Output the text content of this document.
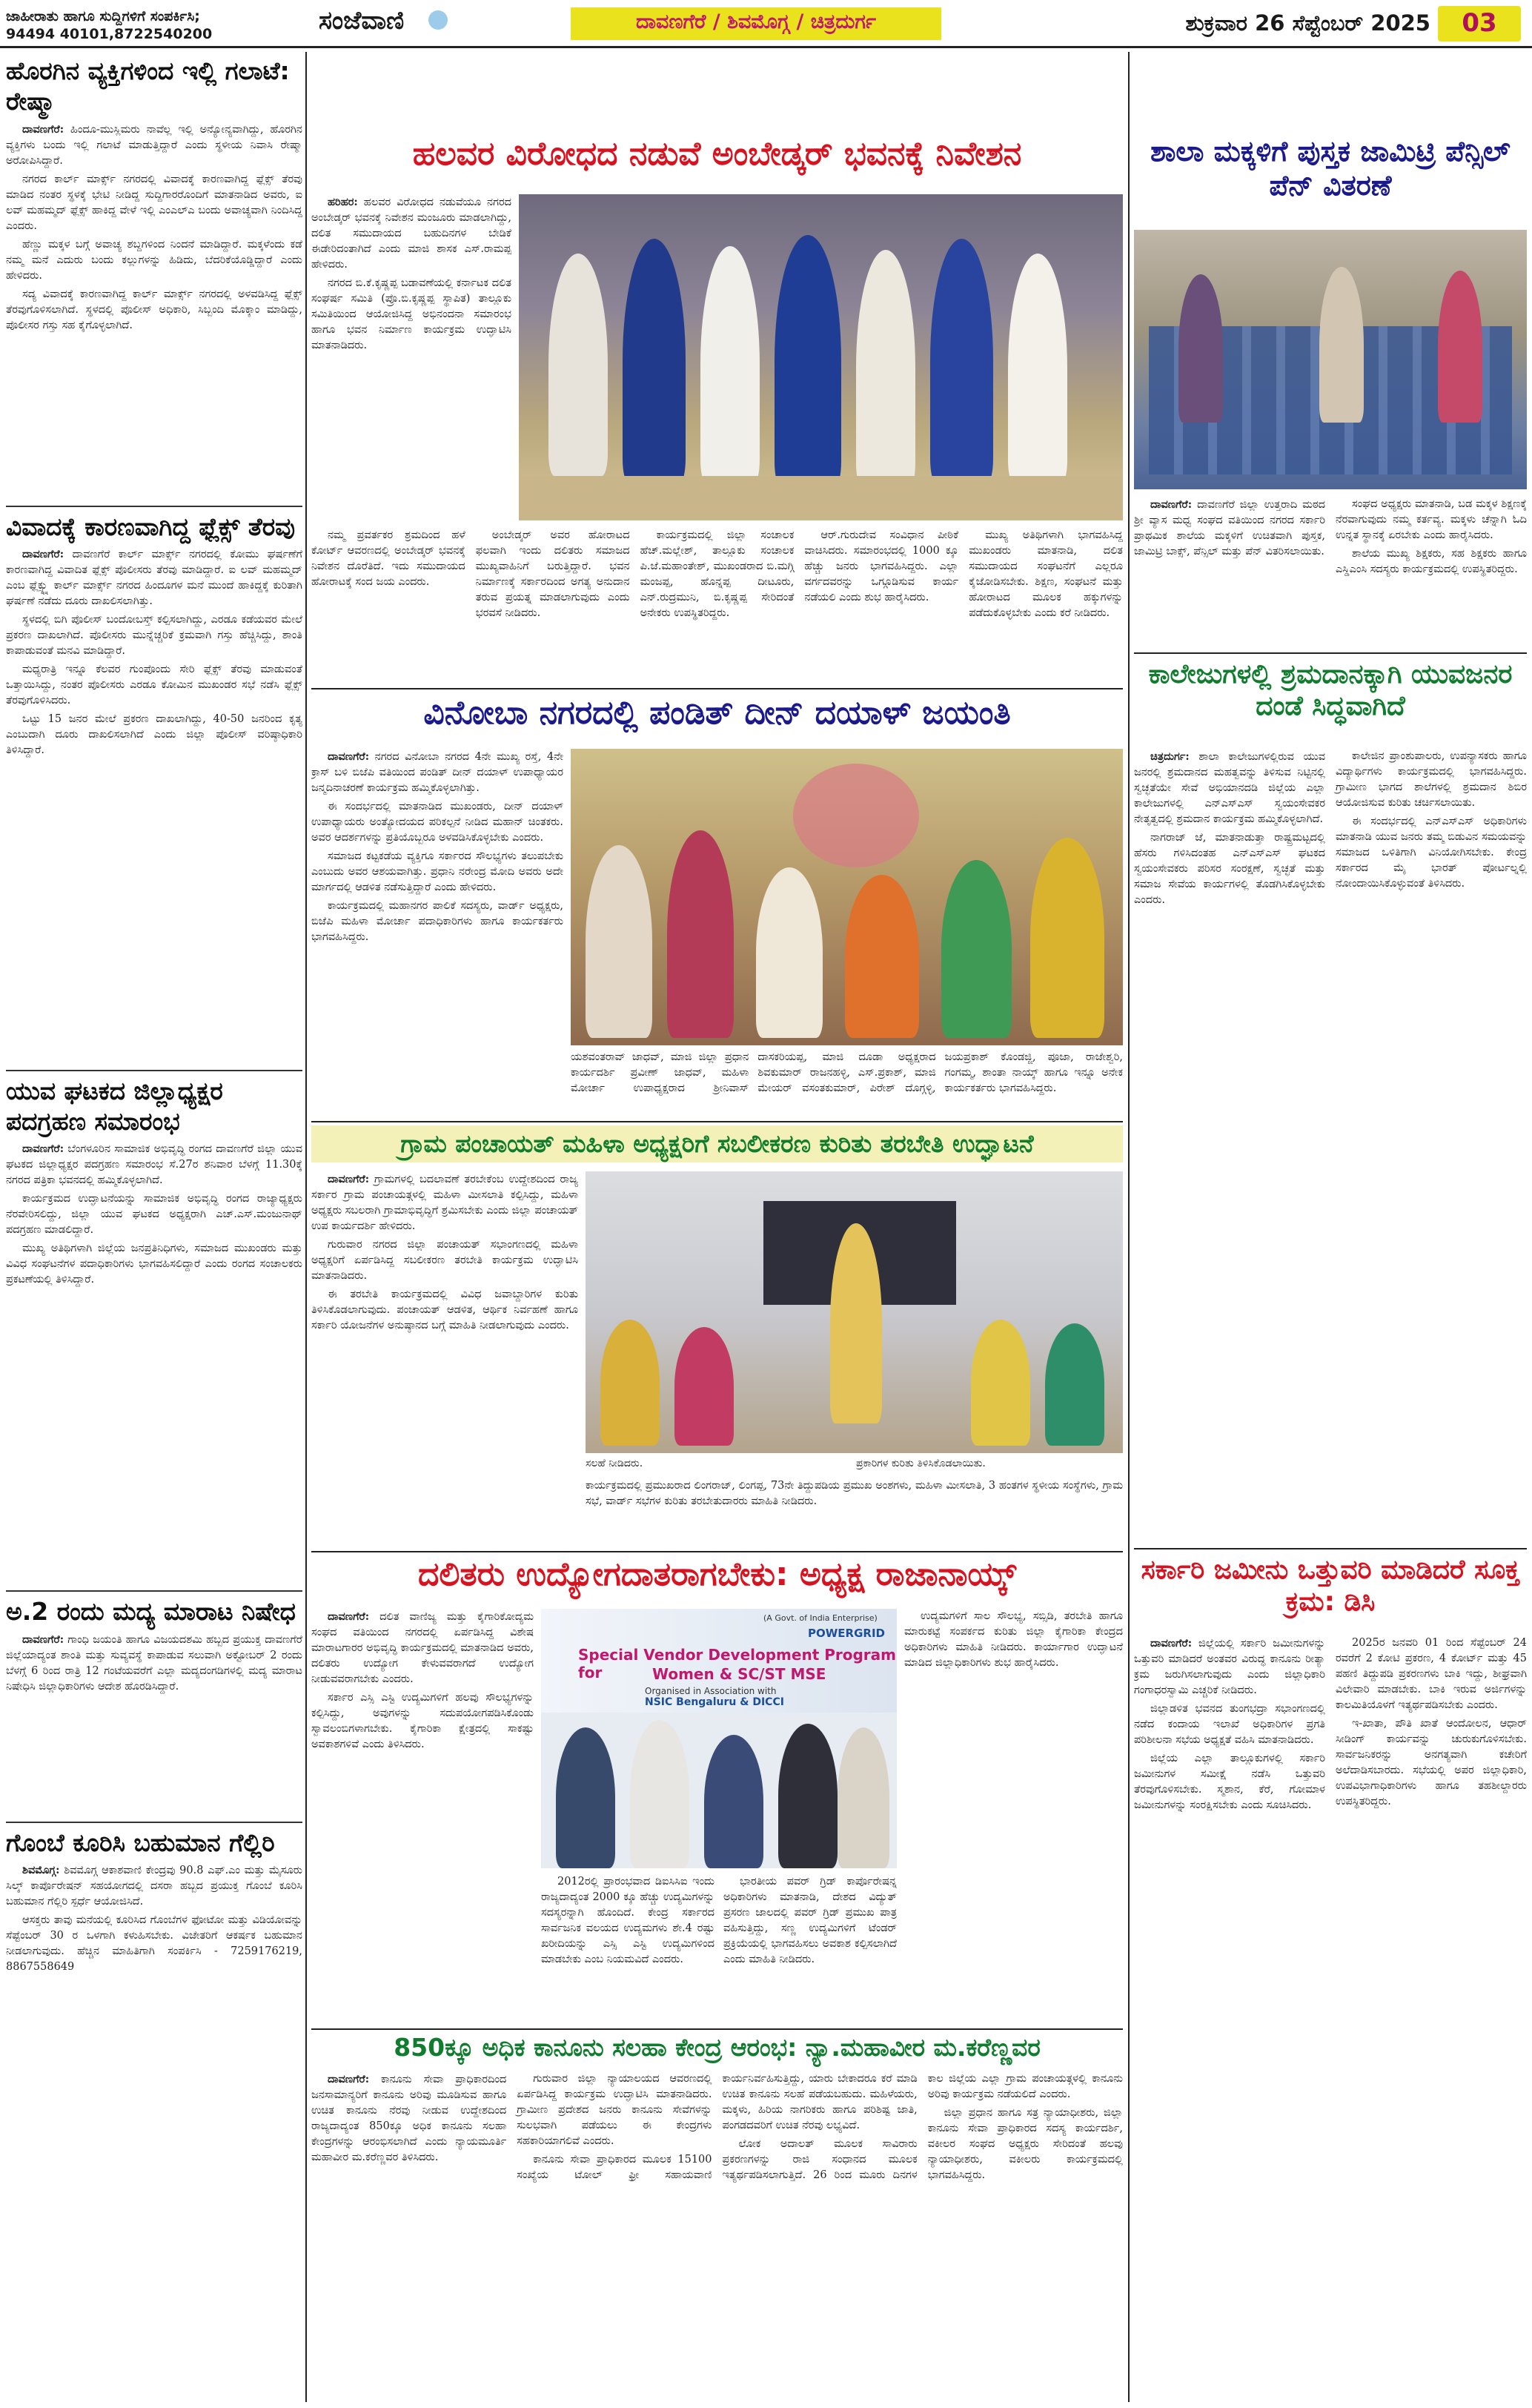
ಜಾಹೀರಾತು ಹಾಗೂ ಸುದ್ದಿಗಳಿಗೆ ಸಂಪರ್ಕಿಸಿ;
94494 40101,8722540200	ಸಂಜೆವಾಣಿ	ದಾವಣಗೆರೆ / ಶಿವಮೊಗ್ಗ / ಚಿತ್ರದುರ್ಗ	ಶುಕ್ರವಾರ 26 ಸೆಪ್ಟೆಂಬರ್ 2025	03
ಹೊರಗಿನ ವ್ಯಕ್ತಿಗಳಿಂದ ಇಲ್ಲಿ ಗಲಾಟೆ: ರೇಷ್ಮಾ

ದಾವಣಗೆರೆ: ಹಿಂದೂ-ಮುಸ್ಲಿಮರು ನಾವೆಲ್ಲ ಇಲ್ಲಿ ಅನ್ಯೋನ್ಯವಾಗಿದ್ದು, ಹೊರಗಿನ ವ್ಯಕ್ತಿಗಳು ಬಂದು ಇಲ್ಲಿ ಗಲಾಟೆ ಮಾಡುತ್ತಿದ್ದಾರೆ ಎಂದು ಸ್ಥಳೀಯ ನಿವಾಸಿ ರೇಷ್ಮಾ ಅರೋಪಿಸಿದ್ದಾರೆ.

ನಗರದ ಕಾರ್ಲ್ ಮಾರ್ಕ್ಸ್ ನಗರದಲ್ಲಿ ವಿವಾದಕ್ಕೆ ಕಾರಣವಾಗಿದ್ದ ಫ್ಲೆಕ್ಸ್ ತೆರವು ಮಾಡಿದ ನಂತರ ಸ್ಥಳಕ್ಕೆ ಭೇಟಿ ನೀಡಿದ್ದ ಸುದ್ದಿಗಾರರೊಂದಿಗೆ ಮಾತನಾಡಿದ ಅವರು, ಐ ಲವ್ ಮಹಮ್ಮದ್ ಫ್ಲೆಕ್ಸ್ ಹಾಕಿದ್ದ ವೇಳೆ ಇಲ್ಲಿ ಎಂಎಲ್ಎ ಬಂದು ಅವಾಚ್ಯವಾಗಿ ನಿಂದಿಸಿದ್ದ ಎಂದರು.

ಹೆಣ್ಣು ಮಕ್ಕಳ ಬಗ್ಗೆ ಅವಾಚ್ಯ ಶಬ್ದಗಳಿಂದ ನಿಂದನೆ ಮಾಡಿದ್ದಾರೆ. ಮಕ್ಕಳೆಂದು ಕಡೆ ನಮ್ಮ ಮನೆ ಎದುರು ಬಂದು ಕಲ್ಲುಗಳನ್ನು ಹಿಡಿದು, ಬೆದರಿಕೆಯೊಡ್ಡಿದ್ದಾರೆ ಎಂದು ಹೇಳಿದರು.

ಸದ್ಯ ವಿವಾದಕ್ಕೆ ಕಾರಣವಾಗಿದ್ದ ಕಾರ್ಲ್ ಮಾರ್ಕ್ಸ್ ನಗರದಲ್ಲಿ ಅಳವಡಿಸಿದ್ದ ಫ್ಲೆಕ್ಸ್ ತೆರವುಗೊಳಿಸಲಾಗಿದೆ. ಸ್ಥಳದಲ್ಲಿ ಪೊಲೀಸ್ ಅಧಿಕಾರಿ, ಸಿಬ್ಬಂದಿ ಮೊಕ್ಕಾಂ ಮಾಡಿದ್ದು, ಪೊಲೀಸರ ಗಸ್ತು ಸಹ ಕೈಗೊಳ್ಳಲಾಗಿದೆ.

ವಿವಾದಕ್ಕೆ ಕಾರಣವಾಗಿದ್ದ ಫ್ಲೆಕ್ಸ್ ತೆರವು

ದಾವಣಗೆರೆ: ದಾವಣಗೆರೆ ಕಾರ್ಲ್ ಮಾರ್ಕ್ಸ್ ನಗರದಲ್ಲಿ ಕೋಮು ಘರ್ಷಣೆಗೆ ಕಾರಣವಾಗಿದ್ದ ವಿವಾದಿತ ಫ್ಲೆಕ್ಸ್ ಪೊಲೀಸರು ತೆರವು ಮಾಡಿದ್ದಾರೆ. ಐ ಲವ್ ಮಹಮ್ಮದ್ ಎಂಬ ಫ್ಲೆಕ್ಸ್ನ್ನು ಕಾರ್ಲ್ ಮಾರ್ಕ್ಸ್ ನಗರದ ಹಿಂದೂಗಳ ಮನೆ ಮುಂದೆ ಹಾಕಿದ್ದಕ್ಕೆ ಕುರಿತಾಗಿ ಘರ್ಷಣೆ ನಡೆದು ದೂರು ದಾಖಲಿಸಲಾಗಿತ್ತು.

ಸ್ಥಳದಲ್ಲಿ ಬಿಗಿ ಪೊಲೀಸ್ ಬಂದೋಬಸ್ತ್ ಕಲ್ಪಿಸಲಾಗಿದ್ದು, ಎರಡೂ ಕಡೆಯವರ ಮೇಲೆ ಪ್ರಕರಣ ದಾಖಲಾಗಿದೆ. ಪೊಲೀಸರು ಮುನ್ನೆಚ್ಚರಿಕೆ ಕ್ರಮವಾಗಿ ಗಸ್ತು ಹೆಚ್ಚಿಸಿದ್ದು, ಶಾಂತಿ ಕಾಪಾಡುವಂತೆ ಮನವಿ ಮಾಡಿದ್ದಾರೆ.

ಮಧ್ಯರಾತ್ರಿ ಇನ್ನೂ ಕೆಲವರ ಗುಂಪೊಂದು ಸೇರಿ ಫ್ಲೆಕ್ಸ್ ತೆರವು ಮಾಡುವಂತೆ ಒತ್ತಾಯಿಸಿದ್ದು, ನಂತರ ಪೊಲೀಸರು ಎರಡೂ ಕೋಮಿನ ಮುಖಂಡರ ಸಭೆ ನಡೆಸಿ ಫ್ಲೆಕ್ಸ್ ತೆರವುಗೊಳಿಸಿದರು.

ಒಟ್ಟು 15 ಜನರ ಮೇಲೆ ಪ್ರಕರಣ ದಾಖಲಾಗಿದ್ದು, 40-50 ಜನರಿಂದ ಕೃತ್ಯ ಎಂಬುದಾಗಿ ದೂರು ದಾಖಲಿಸಲಾಗಿದೆ ಎಂದು ಜಿಲ್ಲಾ ಪೊಲೀಸ್ ವರಿಷ್ಠಾಧಿಕಾರಿ ತಿಳಿಸಿದ್ದಾರೆ.

ಯುವ ಘಟಕದ ಜಿಲ್ಲಾಧ್ಯಕ್ಷರ ಪದಗ್ರಹಣ ಸಮಾರಂಭ

ದಾವಣಗೆರೆ: ಬೆಂಗಳೂರಿನ ಸಾಮಾಜಿಕ ಅಭಿವೃದ್ಧಿ ರಂಗದ ದಾವಣಗೆರೆ ಜಿಲ್ಲಾ ಯುವ ಘಟಕದ ಜಿಲ್ಲಾಧ್ಯಕ್ಷರ ಪದಗ್ರಹಣ ಸಮಾರಂಭ ಸೆ.27ರ ಶನಿವಾರ ಬೆಳಗ್ಗೆ 11.30ಕ್ಕೆ ನಗರದ ಪತ್ರಿಕಾ ಭವನದಲ್ಲಿ ಹಮ್ಮಿಕೊಳ್ಳಲಾಗಿದೆ.

ಕಾರ್ಯಕ್ರಮದ ಉದ್ಘಾಟನೆಯನ್ನು ಸಾಮಾಜಿಕ ಅಭಿವೃದ್ಧಿ ರಂಗದ ರಾಜ್ಯಾಧ್ಯಕ್ಷರು ನೆರವೇರಿಸಲಿದ್ದು, ಜಿಲ್ಲಾ ಯುವ ಘಟಕದ ಅಧ್ಯಕ್ಷರಾಗಿ ಎಚ್.ಎಸ್.ಮಂಜುನಾಥ್ ಪದಗ್ರಹಣ ಮಾಡಲಿದ್ದಾರೆ.

ಮುಖ್ಯ ಅತಿಥಿಗಳಾಗಿ ಜಿಲ್ಲೆಯ ಜನಪ್ರತಿನಿಧಿಗಳು, ಸಮಾಜದ ಮುಖಂಡರು ಮತ್ತು ವಿವಿಧ ಸಂಘಟನೆಗಳ ಪದಾಧಿಕಾರಿಗಳು ಭಾಗವಹಿಸಲಿದ್ದಾರೆ ಎಂದು ರಂಗದ ಸಂಚಾಲಕರು ಪ್ರಕಟಣೆಯಲ್ಲಿ ತಿಳಿಸಿದ್ದಾರೆ.

ಅ.2 ರಂದು ಮದ್ಯ ಮಾರಾಟ ನಿಷೇಧ

ದಾವಣಗೆರೆ: ಗಾಂಧಿ ಜಯಂತಿ ಹಾಗೂ ವಿಜಯದಶಮಿ ಹಬ್ಬದ ಪ್ರಯುಕ್ತ ದಾವಣಗೆರೆ ಜಿಲ್ಲೆಯಾದ್ಯಂತ ಶಾಂತಿ ಮತ್ತು ಸುವ್ಯವಸ್ಥೆ ಕಾಪಾಡುವ ಸಲುವಾಗಿ ಅಕ್ಟೋಬರ್ 2 ರಂದು ಬೆಳಗ್ಗೆ 6 ರಿಂದ ರಾತ್ರಿ 12 ಗಂಟೆಯವರೆಗೆ ಎಲ್ಲಾ ಮದ್ಯದಂಗಡಿಗಳಲ್ಲಿ ಮದ್ಯ ಮಾರಾಟ ನಿಷೇಧಿಸಿ ಜಿಲ್ಲಾಧಿಕಾರಿಗಳು ಆದೇಶ ಹೊರಡಿಸಿದ್ದಾರೆ.

ಗೊಂಬೆ ಕೂರಿಸಿ ಬಹುಮಾನ ಗೆಲ್ಲಿರಿ

ಶಿವಮೊಗ್ಗ: ಶಿವಮೊಗ್ಗ ಆಕಾಶವಾಣಿ ಕೇಂದ್ರವು 90.8 ಎಫ್.ಎಂ ಮತ್ತು ಮೈಸೂರು ಸಿಲ್ಕ್ ಕಾರ್ಪೊರೇಷನ್ ಸಹಯೋಗದಲ್ಲಿ ದಸರಾ ಹಬ್ಬದ ಪ್ರಯುಕ್ತ ಗೊಂಬೆ ಕೂರಿಸಿ ಬಹುಮಾನ ಗೆಲ್ಲಿರಿ ಸ್ಪರ್ಧೆ ಆಯೋಜಿಸಿದೆ.

ಆಸಕ್ತರು ತಾವು ಮನೆಯಲ್ಲಿ ಕೂರಿಸಿದ ಗೊಂಬೆಗಳ ಫೋಟೋ ಮತ್ತು ವಿಡಿಯೋವನ್ನು ಸೆಪ್ಟೆಂಬರ್ 30 ರ ಒಳಗಾಗಿ ಕಳುಹಿಸಬೇಕು. ವಿಜೇತರಿಗೆ ಆಕರ್ಷಕ ಬಹುಮಾನ ನೀಡಲಾಗುವುದು. ಹೆಚ್ಚಿನ ಮಾಹಿತಿಗಾಗಿ ಸಂಪರ್ಕಿಸಿ - 7259176219, 8867558649

ಹಲವರ ವಿರೋಧದ ನಡುವೆ ಅಂಬೇಡ್ಕರ್ ಭವನಕ್ಕೆ ನಿವೇಶನ

ಹರಿಹರ: ಹಲವರ ವಿರೋಧದ ನಡುವೆಯೂ ನಗರದ ಅಂಬೇಡ್ಕರ್ ಭವನಕ್ಕೆ ನಿವೇಶನ ಮಂಜೂರು ಮಾಡಲಾಗಿದ್ದು, ದಲಿತ ಸಮುದಾಯದ ಬಹುದಿನಗಳ ಬೇಡಿಕೆ ಈಡೇರಿದಂತಾಗಿದೆ ಎಂದು ಮಾಜಿ ಶಾಸಕ ಎಸ್.ರಾಮಪ್ಪ ಹೇಳಿದರು.

ನಗರದ ಬಿ.ಕೆ.ಕೃಷ್ಣಪ್ಪ ಬಡಾವಣೆಯಲ್ಲಿ ಕರ್ನಾಟಕ ದಲಿತ ಸಂಘರ್ಷ ಸಮಿತಿ (ಪ್ರೊ.ಬಿ.ಕೃಷ್ಣಪ್ಪ ಸ್ಥಾಪಿತ) ತಾಲ್ಲೂಕು ಸಮಿತಿಯಿಂದ ಆಯೋಜಿಸಿದ್ದ ಅಭಿನಂದನಾ ಸಮಾರಂಭ ಹಾಗೂ ಭವನ ನಿರ್ಮಾಣ ಕಾರ್ಯಕ್ರಮ ಉದ್ಘಾಟಿಸಿ ಮಾತನಾಡಿದರು.

ನಮ್ಮ ಪ್ರವರ್ತಕರ ಶ್ರಮದಿಂದ ಹಳೆ ಕೋರ್ಟ್ ಆವರಣದಲ್ಲಿ ಅಂಬೇಡ್ಕರ್ ಭವನಕ್ಕೆ ನಿವೇಶನ ದೊರೆತಿದೆ. ಇದು ಸಮುದಾಯದ ಹೋರಾಟಕ್ಕೆ ಸಂದ ಜಯ ಎಂದರು.

ಅಂಬೇಡ್ಕರ್ ಅವರ ಹೋರಾಟದ ಫಲವಾಗಿ ಇಂದು ದಲಿತರು ಸಮಾಜದ ಮುಖ್ಯವಾಹಿನಿಗೆ ಬರುತ್ತಿದ್ದಾರೆ. ಭವನ ನಿರ್ಮಾಣಕ್ಕೆ ಸರ್ಕಾರದಿಂದ ಅಗತ್ಯ ಅನುದಾನ ತರುವ ಪ್ರಯತ್ನ ಮಾಡಲಾಗುವುದು ಎಂದು ಭರವಸೆ ನೀಡಿದರು.

ಕಾರ್ಯಕ್ರಮದಲ್ಲಿ ಜಿಲ್ಲಾ ಸಂಚಾಲಕ ಹೆಚ್.ಮಲ್ಲೇಶ್, ತಾಲ್ಲೂಕು ಸಂಚಾಲಕ ಪಿ.ಜೆ.ಮಹಾಂತೇಶ್, ಮುಖಂಡರಾದ ಬಿ.ಮಗ್ಗಿ ಮಂಜಪ್ಪ, ಹೊನ್ನಪ್ಪ ದೀಟೂರು, ಎನ್.ರುದ್ರಮುನಿ, ಬಿ.ಕೃಷ್ಣಪ್ಪ ಸೇರಿದಂತೆ ಅನೇಕರು ಉಪಸ್ಥಿತರಿದ್ದರು.

ಆರ್.ಗುರುದೇವ ಸಂವಿಧಾನ ಪೀಠಿಕೆ ವಾಚಿಸಿದರು. ಸಮಾರಂಭದಲ್ಲಿ 1000 ಕ್ಕೂ ಹೆಚ್ಚು ಜನರು ಭಾಗವಹಿಸಿದ್ದರು. ಎಲ್ಲಾ ವರ್ಗದವರನ್ನು ಒಗ್ಗೂಡಿಸುವ ಕಾರ್ಯ ನಡೆಯಲಿ ಎಂದು ಶುಭ ಹಾರೈಸಿದರು.

ಮುಖ್ಯ ಅತಿಥಿಗಳಾಗಿ ಭಾಗವಹಿಸಿದ್ದ ಮುಖಂಡರು ಮಾತನಾಡಿ, ದಲಿತ ಸಮುದಾಯದ ಸಂಘಟನೆಗೆ ಎಲ್ಲರೂ ಕೈಜೋಡಿಸಬೇಕು. ಶಿಕ್ಷಣ, ಸಂಘಟನೆ ಮತ್ತು ಹೋರಾಟದ ಮೂಲಕ ಹಕ್ಕುಗಳನ್ನು ಪಡೆದುಕೊಳ್ಳಬೇಕು ಎಂದು ಕರೆ ನೀಡಿದರು.

ಶಾಲಾ ಮಕ್ಕಳಿಗೆ ಪುಸ್ತಕ ಜಾಮಿಟ್ರಿ ಪೆನ್ಸಿಲ್ ಪೆನ್ ವಿತರಣೆ

ದಾವಣಗೆರೆ: ದಾವಣಗೆರೆ ಜಿಲ್ಲಾ ಉತ್ತರಾದಿ ಮಠದ ಶ್ರೀ ವ್ಯಾಸ ಮಧ್ವ ಸಂಘದ ವತಿಯಿಂದ ನಗರದ ಸರ್ಕಾರಿ ಪ್ರಾಥಮಿಕ ಶಾಲೆಯ ಮಕ್ಕಳಿಗೆ ಉಚಿತವಾಗಿ ಪುಸ್ತಕ, ಜಾಮಿಟ್ರಿ ಬಾಕ್ಸ್, ಪೆನ್ಸಿಲ್ ಮತ್ತು ಪೆನ್ ವಿತರಿಸಲಾಯಿತು.

ಸಂಘದ ಅಧ್ಯಕ್ಷರು ಮಾತನಾಡಿ, ಬಡ ಮಕ್ಕಳ ಶಿಕ್ಷಣಕ್ಕೆ ನೆರವಾಗುವುದು ನಮ್ಮ ಕರ್ತವ್ಯ. ಮಕ್ಕಳು ಚೆನ್ನಾಗಿ ಓದಿ ಉನ್ನತ ಸ್ಥಾನಕ್ಕೆ ಏರಬೇಕು ಎಂದು ಹಾರೈಸಿದರು.

ಶಾಲೆಯ ಮುಖ್ಯ ಶಿಕ್ಷಕರು, ಸಹ ಶಿಕ್ಷಕರು ಹಾಗೂ ಎಸ್ಡಿಎಂಸಿ ಸದಸ್ಯರು ಕಾರ್ಯಕ್ರಮದಲ್ಲಿ ಉಪಸ್ಥಿತರಿದ್ದರು.

ಕಾಲೇಜುಗಳಲ್ಲಿ ಶ್ರಮದಾನಕ್ಕಾಗಿ ಯುವಜನರ ದಂಡೆ ಸಿದ್ಧವಾಗಿದೆ

ಚಿತ್ರದುರ್ಗ: ಶಾಲಾ ಕಾಲೇಜುಗಳಲ್ಲಿರುವ ಯುವ ಜನರಲ್ಲಿ ಶ್ರಮದಾನದ ಮಹತ್ವವನ್ನು ತಿಳಿಸುವ ನಿಟ್ಟಿನಲ್ಲಿ ಸ್ವಚ್ಛತೆಯೇ ಸೇವೆ ಅಭಿಯಾನದಡಿ ಜಿಲ್ಲೆಯ ಎಲ್ಲಾ ಕಾಲೇಜುಗಳಲ್ಲಿ ಎನ್ಎಸ್ಎಸ್ ಸ್ವಯಂಸೇವಕರ ನೇತೃತ್ವದಲ್ಲಿ ಶ್ರಮದಾನ ಕಾರ್ಯಕ್ರಮ ಹಮ್ಮಿಕೊಳ್ಳಲಾಗಿದೆ.

ನಾಗರಾಜ್ ಜೆ, ಮಾತನಾಡುತ್ತಾ ರಾಷ್ಟ್ರಮಟ್ಟದಲ್ಲಿ ಹೆಸರು ಗಳಿಸಿದಂತಹ ಎನ್ಎಸ್ಎಸ್ ಘಟಕದ ಸ್ವಯಂಸೇವಕರು ಪರಿಸರ ಸಂರಕ್ಷಣೆ, ಸ್ವಚ್ಛತೆ ಮತ್ತು ಸಮಾಜ ಸೇವೆಯ ಕಾರ್ಯಗಳಲ್ಲಿ ತೊಡಗಿಸಿಕೊಳ್ಳಬೇಕು ಎಂದರು.

ಕಾಲೇಜಿನ ಪ್ರಾಂಶುಪಾಲರು, ಉಪನ್ಯಾಸಕರು ಹಾಗೂ ವಿದ್ಯಾರ್ಥಿಗಳು ಕಾರ್ಯಕ್ರಮದಲ್ಲಿ ಭಾಗವಹಿಸಿದ್ದರು. ಗ್ರಾಮೀಣ ಭಾಗದ ಶಾಲೆಗಳಲ್ಲಿ ಶ್ರಮದಾನ ಶಿಬಿರ ಆಯೋಜಿಸುವ ಕುರಿತು ಚರ್ಚಿಸಲಾಯಿತು.

ಈ ಸಂದರ್ಭದಲ್ಲಿ ಎನ್ಎಸ್ಎಸ್ ಅಧಿಕಾರಿಗಳು ಮಾತನಾಡಿ ಯುವ ಜನರು ತಮ್ಮ ಬಿಡುವಿನ ಸಮಯವನ್ನು ಸಮಾಜದ ಒಳಿತಿಗಾಗಿ ವಿನಿಯೋಗಿಸಬೇಕು. ಕೇಂದ್ರ ಸರ್ಕಾರದ ಮೈ ಭಾರತ್ ಪೋರ್ಟಲ್ನಲ್ಲಿ ನೋಂದಾಯಿಸಿಕೊಳ್ಳುವಂತೆ ತಿಳಿಸಿದರು.

ವಿನೋಬಾ ನಗರದಲ್ಲಿ ಪಂಡಿತ್ ದೀನ್ ದಯಾಳ್ ಜಯಂತಿ

ದಾವಣಗೆರೆ: ನಗರದ ವಿನೋಬಾ ನಗರದ 4ನೇ ಮುಖ್ಯ ರಸ್ತೆ, 4ನೇ ಕ್ರಾಸ್ ಬಳಿ ಬಿಜೆಪಿ ವತಿಯಿಂದ ಪಂಡಿತ್ ದೀನ್ ದಯಾಳ್ ಉಪಾಧ್ಯಾಯರ ಜನ್ಮದಿನಾಚರಣೆ ಕಾರ್ಯಕ್ರಮ ಹಮ್ಮಿಕೊಳ್ಳಲಾಗಿತ್ತು.

ಈ ಸಂದರ್ಭದಲ್ಲಿ ಮಾತನಾಡಿದ ಮುಖಂಡರು, ದೀನ್ ದಯಾಳ್ ಉಪಾಧ್ಯಾಯರು ಅಂತ್ಯೋದಯದ ಪರಿಕಲ್ಪನೆ ನೀಡಿದ ಮಹಾನ್ ಚಿಂತಕರು. ಅವರ ಆದರ್ಶಗಳನ್ನು ಪ್ರತಿಯೊಬ್ಬರೂ ಅಳವಡಿಸಿಕೊಳ್ಳಬೇಕು ಎಂದರು.

ಸಮಾಜದ ಕಟ್ಟಕಡೆಯ ವ್ಯಕ್ತಿಗೂ ಸರ್ಕಾರದ ಸೌಲಭ್ಯಗಳು ತಲುಪಬೇಕು ಎಂಬುದು ಅವರ ಆಶಯವಾಗಿತ್ತು. ಪ್ರಧಾನಿ ನರೇಂದ್ರ ಮೋದಿ ಅವರು ಅದೇ ಮಾರ್ಗದಲ್ಲಿ ಆಡಳಿತ ನಡೆಸುತ್ತಿದ್ದಾರೆ ಎಂದು ಹೇಳಿದರು.

ಕಾರ್ಯಕ್ರಮದಲ್ಲಿ ಮಹಾನಗರ ಪಾಲಿಕೆ ಸದಸ್ಯರು, ವಾರ್ಡ್ ಅಧ್ಯಕ್ಷರು, ಬಿಜೆಪಿ ಮಹಿಳಾ ಮೋರ್ಚಾ ಪದಾಧಿಕಾರಿಗಳು ಹಾಗೂ ಕಾರ್ಯಕರ್ತರು ಭಾಗವಹಿಸಿದ್ದರು.

ಯಶವಂತರಾವ್ ಜಾಧವ್, ಮಾಜಿ ಜಿಲ್ಲಾ ಪ್ರಧಾನ ಕಾರ್ಯದರ್ಶಿ ಪ್ರವೀಣ್ ಜಾಧವ್, ಮಹಿಳಾ ಮೋರ್ಚಾ ಉಪಾಧ್ಯಕ್ಷರಾದ ಶ್ರೀನಿವಾಸ್ ದಾಸಕರಿಯಪ್ಪ, ಮಾಜಿ ದೂಡಾ ಅಧ್ಯಕ್ಷರಾದ ಶಿವಕುಮಾರ್ ರಾಜನಹಳ್ಳಿ, ಎಸ್.ಪ್ರಕಾಶ್, ಮಾಜಿ ಮೇಯರ್ ವಸಂತಕುಮಾರ್, ಪಿರೇಶ್ ದೊಗ್ಗಳ್ಳಿ, ಜಯಪ್ರಕಾಶ್ ಕೊಂಡಜ್ಜಿ, ಪೂಜಾ, ರಾಜೇಶ್ವರಿ, ಗಂಗಮ್ಮ, ಶಾಂತಾ ನಾಯ್ಕ್ ಹಾಗೂ ಇನ್ನೂ ಅನೇಕ ಕಾರ್ಯಕರ್ತರು ಭಾಗವಹಿಸಿದ್ದರು.
ಗ್ರಾಮ ಪಂಚಾಯತ್ ಮಹಿಳಾ ಅಧ್ಯಕ್ಷರಿಗೆ ಸಬಲೀಕರಣ ಕುರಿತು ತರಬೇತಿ ಉದ್ಘಾಟನೆ

ದಾವಣಗೆರೆ: ಗ್ರಾಮಗಳಲ್ಲಿ ಬದಲಾವಣೆ ತರಬೇಕೆಂಬ ಉದ್ದೇಶದಿಂದ ರಾಜ್ಯ ಸರ್ಕಾರ ಗ್ರಾಮ ಪಂಚಾಯತ್ಗಳಲ್ಲಿ ಮಹಿಳಾ ಮೀಸಲಾತಿ ಕಲ್ಪಿಸಿದ್ದು, ಮಹಿಳಾ ಅಧ್ಯಕ್ಷರು ಸಬಲರಾಗಿ ಗ್ರಾಮಾಭಿವೃದ್ಧಿಗೆ ಶ್ರಮಿಸಬೇಕು ಎಂದು ಜಿಲ್ಲಾ ಪಂಚಾಯತ್ ಉಪ ಕಾರ್ಯದರ್ಶಿ ಹೇಳಿದರು.

ಗುರುವಾರ ನಗರದ ಜಿಲ್ಲಾ ಪಂಚಾಯತ್ ಸಭಾಂಗಣದಲ್ಲಿ ಮಹಿಳಾ ಅಧ್ಯಕ್ಷರಿಗೆ ಏರ್ಪಡಿಸಿದ್ದ ಸಬಲೀಕರಣ ತರಬೇತಿ ಕಾರ್ಯಕ್ರಮ ಉದ್ಘಾಟಿಸಿ ಮಾತನಾಡಿದರು.

ಈ ತರಬೇತಿ ಕಾರ್ಯಕ್ರಮದಲ್ಲಿ ವಿವಿಧ ಜವಾಬ್ದಾರಿಗಳ ಕುರಿತು ತಿಳಿಸಿಕೊಡಲಾಗುವುದು. ಪಂಚಾಯತ್ ಆಡಳಿತ, ಆರ್ಥಿಕ ನಿರ್ವಹಣೆ ಹಾಗೂ ಸರ್ಕಾರಿ ಯೋಜನೆಗಳ ಅನುಷ್ಠಾನದ ಬಗ್ಗೆ ಮಾಹಿತಿ ನೀಡಲಾಗುವುದು ಎಂದರು.

ಸಲಹೆ ನೀಡಿದರು.	ಪ್ರಕಾರಿಗಳ ಕುರಿತು ತಿಳಿಸಿಕೊಡಲಾಯಿತು.
ಕಾರ್ಯಕ್ರಮದಲ್ಲಿ ಪ್ರಮುಖರಾದ ಲಿಂಗರಾಜ್, ಲಿಂಗಪ್ಪ, 73ನೇ ತಿದ್ದುಪಡಿಯ ಪ್ರಮುಖ ಅಂಶಗಳು, ಮಹಿಳಾ ಮೀಸಲಾತಿ, 3 ಹಂತಗಳ ಸ್ಥಳೀಯ ಸಂಸ್ಥೆಗಳು, ಗ್ರಾಮ ಸಭೆ, ವಾರ್ಡ್ ಸಭೆಗಳ ಕುರಿತು ತರಬೇತುದಾರರು ಮಾಹಿತಿ ನೀಡಿದರು.
ದಲಿತರು ಉದ್ಯೋಗದಾತರಾಗಬೇಕು: ಅಧ್ಯಕ್ಷ ರಾಜಾನಾಯ್ಕ್

ದಾವಣಗೆರೆ: ದಲಿತ ವಾಣಿಜ್ಯ ಮತ್ತು ಕೈಗಾರಿಕೋದ್ಯಮ ಸಂಘದ ವತಿಯಿಂದ ನಗರದಲ್ಲಿ ಏರ್ಪಡಿಸಿದ್ದ ವಿಶೇಷ ಮಾರಾಟಗಾರರ ಅಭಿವೃದ್ಧಿ ಕಾರ್ಯಕ್ರಮದಲ್ಲಿ ಮಾತನಾಡಿದ ಅವರು, ದಲಿತರು ಉದ್ಯೋಗ ಕೇಳುವವರಾಗದೆ ಉದ್ಯೋಗ ನೀಡುವವರಾಗಬೇಕು ಎಂದರು.

ಸರ್ಕಾರ ಎಸ್ಸಿ ಎಸ್ಟಿ ಉದ್ಯಮಿಗಳಿಗೆ ಹಲವು ಸೌಲಭ್ಯಗಳನ್ನು ಕಲ್ಪಿಸಿದ್ದು, ಅವುಗಳನ್ನು ಸದುಪಯೋಗಪಡಿಸಿಕೊಂಡು ಸ್ವಾವಲಂಬಿಗಳಾಗಬೇಕು. ಕೈಗಾರಿಕಾ ಕ್ಷೇತ್ರದಲ್ಲಿ ಸಾಕಷ್ಟು ಅವಕಾಶಗಳಿವೆ ಎಂದು ತಿಳಿಸಿದರು.

(A Govt. of India Enterprise)
POWERGRID
Special Vendor Development Program for	Women & SC/ST MSE
Organised in Association with
NSIC Bengaluru & DICCI

ಉದ್ಯಮಗಳಿಗೆ ಸಾಲ ಸೌಲಭ್ಯ, ಸಬ್ಸಿಡಿ, ತರಬೇತಿ ಹಾಗೂ ಮಾರುಕಟ್ಟೆ ಸಂಪರ್ಕದ ಕುರಿತು ಜಿಲ್ಲಾ ಕೈಗಾರಿಕಾ ಕೇಂದ್ರದ ಅಧಿಕಾರಿಗಳು ಮಾಹಿತಿ ನೀಡಿದರು. ಕಾರ್ಯಾಗಾರ ಉದ್ಘಾಟನೆ ಮಾಡಿದ ಜಿಲ್ಲಾಧಿಕಾರಿಗಳು ಶುಭ ಹಾರೈಸಿದರು.

2012ರಲ್ಲಿ ಪ್ರಾರಂಭವಾದ ಡಿಐಸಿಸಿಐ ಇಂದು ರಾಜ್ಯದಾದ್ಯಂತ 2000 ಕ್ಕೂ ಹೆಚ್ಚು ಉದ್ಯಮಿಗಳನ್ನು ಸದಸ್ಯರನ್ನಾಗಿ ಹೊಂದಿದೆ. ಕೇಂದ್ರ ಸರ್ಕಾರದ ಸಾರ್ವಜನಿಕ ವಲಯದ ಉದ್ಯಮಗಳು ಶೇ.4 ರಷ್ಟು ಖರೀದಿಯನ್ನು ಎಸ್ಸಿ ಎಸ್ಟಿ ಉದ್ಯಮಿಗಳಿಂದ ಮಾಡಬೇಕು ಎಂಬ ನಿಯಮವಿದೆ ಎಂದರು.

ಭಾರತೀಯ ಪವರ್ ಗ್ರಿಡ್ ಕಾರ್ಪೊರೇಷನ್ನ ಅಧಿಕಾರಿಗಳು ಮಾತನಾಡಿ, ದೇಶದ ವಿದ್ಯುತ್ ಪ್ರಸರಣ ಜಾಲದಲ್ಲಿ ಪವರ್ ಗ್ರಿಡ್ ಪ್ರಮುಖ ಪಾತ್ರ ವಹಿಸುತ್ತಿದ್ದು, ಸಣ್ಣ ಉದ್ಯಮಿಗಳಿಗೆ ಟೆಂಡರ್ ಪ್ರಕ್ರಿಯೆಯಲ್ಲಿ ಭಾಗವಹಿಸಲು ಅವಕಾಶ ಕಲ್ಪಿಸಲಾಗಿದೆ ಎಂದು ಮಾಹಿತಿ ನೀಡಿದರು.

850ಕ್ಕೂ ಅಧಿಕ ಕಾನೂನು ಸಲಹಾ ಕೇಂದ್ರ ಆರಂಭ: ನ್ಯಾ.ಮಹಾವೀರ ಮ.ಕರೆಣ್ಣವರ

ದಾವಣಗೆರೆ: ಕಾನೂನು ಸೇವಾ ಪ್ರಾಧಿಕಾರದಿಂದ ಜನಸಾಮಾನ್ಯರಿಗೆ ಕಾನೂನು ಅರಿವು ಮೂಡಿಸುವ ಹಾಗೂ ಉಚಿತ ಕಾನೂನು ನೆರವು ನೀಡುವ ಉದ್ದೇಶದಿಂದ ರಾಜ್ಯದಾದ್ಯಂತ 850ಕ್ಕೂ ಅಧಿಕ ಕಾನೂನು ಸಲಹಾ ಕೇಂದ್ರಗಳನ್ನು ಆರಂಭಿಸಲಾಗಿದೆ ಎಂದು ನ್ಯಾಯಮೂರ್ತಿ ಮಹಾವೀರ ಮ.ಕರೆಣ್ಣವರ ತಿಳಿಸಿದರು.

ಗುರುವಾರ ಜಿಲ್ಲಾ ನ್ಯಾಯಾಲಯದ ಆವರಣದಲ್ಲಿ ಏರ್ಪಡಿಸಿದ್ದ ಕಾರ್ಯಕ್ರಮ ಉದ್ಘಾಟಿಸಿ ಮಾತನಾಡಿದರು. ಗ್ರಾಮೀಣ ಪ್ರದೇಶದ ಜನರು ಕಾನೂನು ಸೇವೆಗಳನ್ನು ಸುಲಭವಾಗಿ ಪಡೆಯಲು ಈ ಕೇಂದ್ರಗಳು ಸಹಕಾರಿಯಾಗಲಿವೆ ಎಂದರು.

ಕಾನೂನು ಸೇವಾ ಪ್ರಾಧಿಕಾರದ ಮೂಲಕ 15100 ಸಂಖ್ಯೆಯ ಟೋಲ್ ಫ್ರೀ ಸಹಾಯವಾಣಿ ಕಾರ್ಯನಿರ್ವಹಿಸುತ್ತಿದ್ದು, ಯಾರು ಬೇಕಾದರೂ ಕರೆ ಮಾಡಿ ಉಚಿತ ಕಾನೂನು ಸಲಹೆ ಪಡೆಯಬಹುದು. ಮಹಿಳೆಯರು, ಮಕ್ಕಳು, ಹಿರಿಯ ನಾಗರಿಕರು ಹಾಗೂ ಪರಿಶಿಷ್ಟ ಜಾತಿ, ಪಂಗಡದವರಿಗೆ ಉಚಿತ ನೆರವು ಲಭ್ಯವಿದೆ.

ಲೋಕ ಅದಾಲತ್ ಮೂಲಕ ಸಾವಿರಾರು ಪ್ರಕರಣಗಳನ್ನು ರಾಜಿ ಸಂಧಾನದ ಮೂಲಕ ಇತ್ಯರ್ಥಪಡಿಸಲಾಗುತ್ತಿದೆ. 26 ರಿಂದ ಮೂರು ದಿನಗಳ ಕಾಲ ಜಿಲ್ಲೆಯ ಎಲ್ಲಾ ಗ್ರಾಮ ಪಂಚಾಯತ್ಗಳಲ್ಲಿ ಕಾನೂನು ಅರಿವು ಕಾರ್ಯಕ್ರಮ ನಡೆಯಲಿದೆ ಎಂದರು.

ಜಿಲ್ಲಾ ಪ್ರಧಾನ ಹಾಗೂ ಸತ್ರ ನ್ಯಾಯಾಧೀಶರು, ಜಿಲ್ಲಾ ಕಾನೂನು ಸೇವಾ ಪ್ರಾಧಿಕಾರದ ಸದಸ್ಯ ಕಾರ್ಯದರ್ಶಿ, ವಕೀಲರ ಸಂಘದ ಅಧ್ಯಕ್ಷರು ಸೇರಿದಂತೆ ಹಲವು ನ್ಯಾಯಾಧೀಶರು, ವಕೀಲರು ಕಾರ್ಯಕ್ರಮದಲ್ಲಿ ಭಾಗವಹಿಸಿದ್ದರು.

ಸರ್ಕಾರಿ ಜಮೀನು ಒತ್ತುವರಿ ಮಾಡಿದರೆ ಸೂಕ್ತ ಕ್ರಮ: ಡಿಸಿ

ದಾವಣಗೆರೆ: ಜಿಲ್ಲೆಯಲ್ಲಿ ಸರ್ಕಾರಿ ಜಮೀನುಗಳನ್ನು ಒತ್ತುವರಿ ಮಾಡಿದರೆ ಅಂತವರ ವಿರುದ್ಧ ಕಾನೂನು ರೀತ್ಯಾ ಕ್ರಮ ಜರುಗಿಸಲಾಗುವುದು ಎಂದು ಜಿಲ್ಲಾಧಿಕಾರಿ ಗಂಗಾಧರಸ್ವಾಮಿ ಎಚ್ಚರಿಕೆ ನೀಡಿದರು.

ಜಿಲ್ಲಾಡಳಿತ ಭವನದ ತುಂಗಭದ್ರಾ ಸಭಾಂಗಣದಲ್ಲಿ ನಡೆದ ಕಂದಾಯ ಇಲಾಖೆ ಅಧಿಕಾರಿಗಳ ಪ್ರಗತಿ ಪರಿಶೀಲನಾ ಸಭೆಯ ಅಧ್ಯಕ್ಷತೆ ವಹಿಸಿ ಮಾತನಾಡಿದರು.

ಜಿಲ್ಲೆಯ ಎಲ್ಲಾ ತಾಲ್ಲೂಕುಗಳಲ್ಲಿ ಸರ್ಕಾರಿ ಜಮೀನುಗಳ ಸಮೀಕ್ಷೆ ನಡೆಸಿ ಒತ್ತುವರಿ ತೆರವುಗೊಳಿಸಬೇಕು. ಸ್ಮಶಾನ, ಕೆರೆ, ಗೋಮಾಳ ಜಮೀನುಗಳನ್ನು ಸಂರಕ್ಷಿಸಬೇಕು ಎಂದು ಸೂಚಿಸಿದರು.

2025ರ ಜನವರಿ 01 ರಿಂದ ಸೆಪ್ಟೆಂಬರ್ 24 ರವರೆಗೆ 2 ಕೋಟಿ ಪ್ರಕರಣ, 4 ಕೋರ್ಟ್ ಮತ್ತು 45 ಪಹಣಿ ತಿದ್ದುಪಡಿ ಪ್ರಕರಣಗಳು ಬಾಕಿ ಇದ್ದು, ಶೀಘ್ರವಾಗಿ ವಿಲೇವಾರಿ ಮಾಡಬೇಕು. ಬಾಕಿ ಇರುವ ಅರ್ಜಿಗಳನ್ನು ಕಾಲಮಿತಿಯೊಳಗೆ ಇತ್ಯರ್ಥಪಡಿಸಬೇಕು ಎಂದರು.

ಇ-ಖಾತಾ, ಪೌತಿ ಖಾತೆ ಆಂದೋಲನ, ಆಧಾರ್ ಸೀಡಿಂಗ್ ಕಾರ್ಯವನ್ನು ಚುರುಕುಗೊಳಿಸಬೇಕು. ಸಾರ್ವಜನಿಕರನ್ನು ಅನಗತ್ಯವಾಗಿ ಕಚೇರಿಗೆ ಅಲೆದಾಡಿಸಬಾರದು. ಸಭೆಯಲ್ಲಿ ಅಪರ ಜಿಲ್ಲಾಧಿಕಾರಿ, ಉಪವಿಭಾಗಾಧಿಕಾರಿಗಳು ಹಾಗೂ ತಹಶೀಲ್ದಾರರು ಉಪಸ್ಥಿತರಿದ್ದರು.
